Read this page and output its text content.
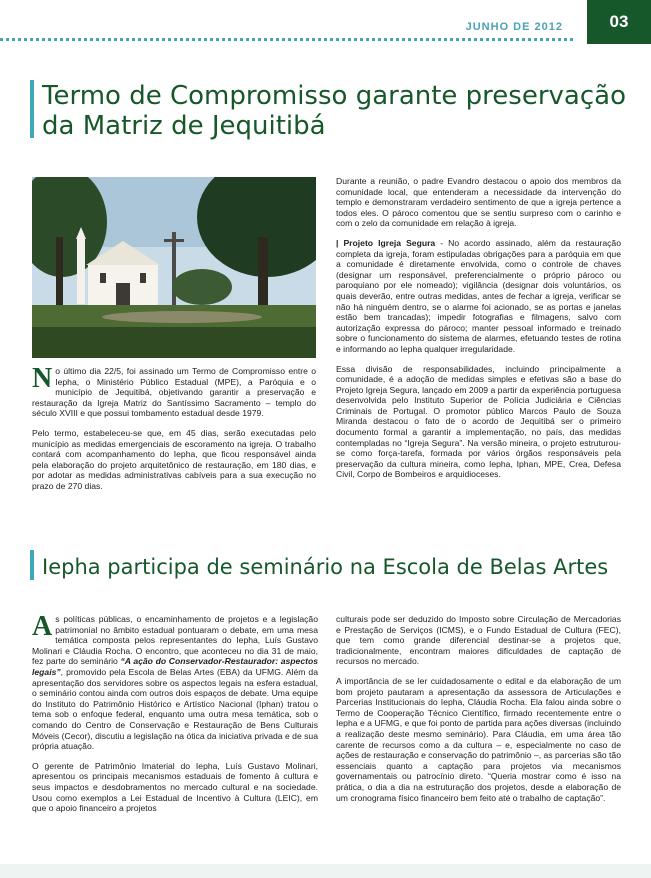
JUNHO DE 2012	03
Termo de Compromisso garante preservação da Matriz de Jequitibá

No último dia 22/5, foi assinado um Termo de Compromisso entre o Iepha, o Ministério Público Estadual (MPE), a Paróquia e o município de Jequitibá, objetivando garantir a preservação e restauração da Igreja Matriz do Santíssimo Sacramento – templo do século XVIII e que possui tombamento estadual desde 1979.

Pelo termo, estabeleceu-se que, em 45 dias, serão executadas pelo município as medidas emergenciais de escoramento na igreja. O trabalho contará com acompanhamento do Iepha, que ficou responsável ainda pela elaboração do projeto arquitetônico de restauração, em 180 dias, e por adotar as medidas administrativas cabíveis para a sua execução no prazo de 270 dias.

Durante a reunião, o padre Evandro destacou o apoio dos membros da comunidade local, que entenderam a necessidade da intervenção do templo e demonstraram verdadeiro sentimento de que a igreja pertence a todos eles. O pároco comentou que se sentiu surpreso com o carinho e com o zelo da comunidade em relação à igreja.

| Projeto Igreja Segura - No acordo assinado, além da restauração completa da igreja, foram estipuladas obrigações para a paróquia em que a comunidade é diretamente envolvida, como o controle de chaves (designar um responsável, preferencialmente o próprio pároco ou paroquiano por ele nomeado); vigilância (designar dois voluntários, os quais deverão, entre outras medidas, antes de fechar a igreja, verificar se não há ninguém dentro, se o alarme foi acionado, se as portas e janelas estão bem trancadas); impedir fotografias e filmagens, salvo com autorização expressa do pároco; manter pessoal informado e treinado sobre o funcionamento do sistema de alarmes, efetuando testes de rotina e informando ao Iepha qualquer irregularidade.

Essa divisão de responsabilidades, incluindo principalmente a comunidade, é a adoção de medidas simples e efetivas são a base do Projeto Igreja Segura, lançado em 2009 a partir da experiência portuguesa desenvolvida pelo Instituto Superior de Polícia Judiciária e Ciências Criminais de Portugal. O promotor público Marcos Paulo de Souza Miranda destacou o fato de o acordo de Jequitibá ser o primeiro documento formal a garantir a implementação, no país, das medidas contempladas no “Igreja Segura”. Na versão mineira, o projeto estruturou-se como força-tarefa, formada por vários órgãos responsáveis pela preservação da cultura mineira, como Iepha, Iphan, MPE, Crea, Defesa Civil, Corpo de Bombeiros e arquidioceses.

Iepha participa de seminário na Escola de Belas Artes

As políticas públicas, o encaminhamento de projetos e a legislação patrimonial no âmbito estadual pontuaram o debate, em uma mesa temática composta pelos representantes do Iepha, Luís Gustavo Molinari e Cláudia Rocha. O encontro, que aconteceu no dia 31 de maio, fez parte do seminário “A ação do Conservador-Restaurador: aspectos legais”, promovido pela Escola de Belas Artes (EBA) da UFMG. Além da apresentação dos servidores sobre os aspectos legais na esfera estadual, o seminário contou ainda com outros dois espaços de debate. Uma equipe do Instituto do Patrimônio Histórico e Artístico Nacional (Iphan) tratou o tema sob o enfoque federal, enquanto uma outra mesa temática, sob o comando do Centro de Conservação e Restauração de Bens Culturais Móveis (Cecor), discutiu a legislação na ótica da iniciativa privada e de sua própria atuação.

O gerente de Patrimônio Imaterial do Iepha, Luís Gustavo Molinari, apresentou os principais mecanismos estaduais de fomento à cultura e seus impactos e desdobramentos no mercado cultural e na sociedade. Usou como exemplos a Lei Estadual de Incentivo à Cultura (LEIC), em que o apoio financeiro a projetos

culturais pode ser deduzido do Imposto sobre Circulação de Mercadorias e Prestação de Serviços (ICMS), e o Fundo Estadual de Cultura (FEC), que tem como grande diferencial destinar-se a projetos que, tradicionalmente, encontram maiores dificuldades de captação de recursos no mercado.

A importância de se ler cuidadosamente o edital e da elaboração de um bom projeto pautaram a apresentação da assessora de Articulações e Parcerias Institucionais do Iepha, Cláudia Rocha. Ela falou ainda sobre o Termo de Cooperação Técnico Científico, firmado recentemente entre o Iepha e a UFMG, e que foi ponto de partida para ações diversas (incluindo a realização deste mesmo seminário). Para Cláudia, em uma área tão carente de recursos como a da cultura – e, especialmente no caso de ações de restauração e conservação do patrimônio –, as parcerias são tão essenciais quanto a captação para projetos via mecanismos governamentais ou patrocínio direto. “Queria mostrar como é isso na prática, o dia a dia na estruturação dos projetos, desde a elaboração de um cronograma físico financeiro bem feito até o trabalho de captação”.
